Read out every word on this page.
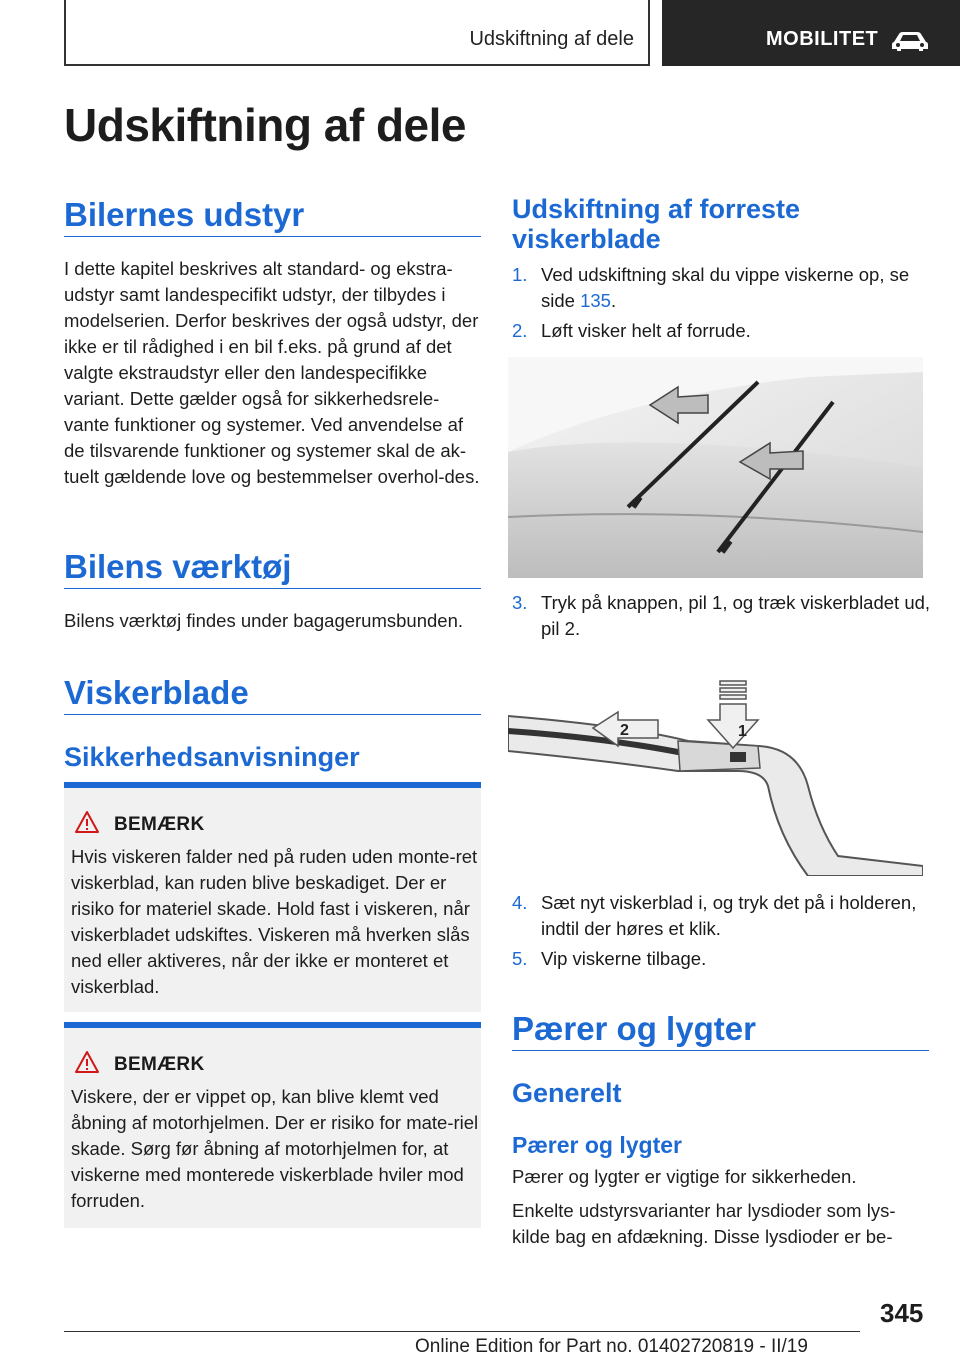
Udskiftning af dele	MOBILITET
Udskiftning af dele
Bilernes udstyr
I dette kapitel beskrives alt standard- og ekstra-udstyr samt landespecifikt udstyr, der tilbydes i modelserien. Derfor beskrives der også udstyr, der ikke er til rådighed i en bil f.eks. på grund af det valgte ekstraudstyr eller den landespecifikke variant. Dette gælder også for sikkerhedsrele-vante funktioner og systemer. Ved anvendelse af de tilsvarende funktioner og systemer skal de ak-tuelt gældende love og bestemmelser overhol-des.
Bilens værktøj
Bilens værktøj findes under bagagerumsbunden.
Viskerblade
Sikkerhedsanvisninger
BEMÆRK
Hvis viskeren falder ned på ruden uden monte-ret viskerblad, kan ruden blive beskadiget. Der er risiko for materiel skade. Hold fast i viskeren, når viskerbladet udskiftes. Viskeren må hverken slås ned eller aktiveres, når der ikke er monteret et viskerblad.
BEMÆRK
Viskere, der er vippet op, kan blive klemt ved åbning af motorhjelmen. Der er risiko for mate-riel skade. Sørg før åbning af motorhjelmen for, at viskerne med monterede viskerblade hviler mod forruden.
Udskiftning af forreste viskerblade
1. Ved udskiftning skal du vippe viskerne op, se side 135.
2. Løft visker helt af forrude.
3. Tryk på knappen, pil 1, og træk viskerbladet ud, pil 2.
1
2
4. Sæt nyt viskerblad i, og tryk det på i holderen, indtil der høres et klik.
5. Vip viskerne tilbage.
Pærer og lygter
Generelt
Pærer og lygter
Pærer og lygter er vigtige for sikkerheden.
Enkelte udstyrsvarianter har lysdioder som lys-kilde bag en afdækning. Disse lysdioder er be-
345
Online Edition for Part no. 01402720819 - II/19
